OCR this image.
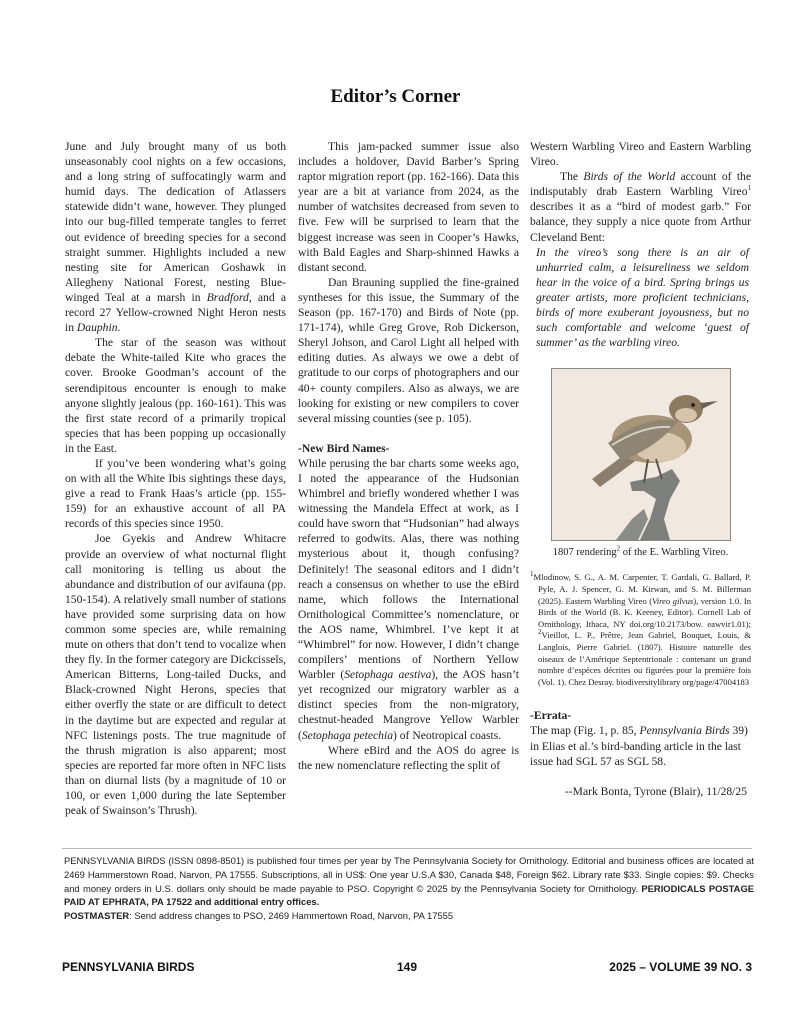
Editor’s Corner

June and July brought many of us both unseasonably cool nights on a few occasions, and a long string of suffocatingly warm and humid days. The dedication of Atlassers statewide didn’t wane, however. They plunged into our bug-filled temperate tangles to ferret out evidence of breeding species for a second straight summer. Highlights included a new nesting site for American Goshawk in Allegheny National Forest, nesting Blue-winged Teal at a marsh in Bradford, and a record 27 Yellow-crowned Night Heron nests in Dauphin.

The star of the season was without debate the White-tailed Kite who graces the cover. Brooke Goodman’s account of the serendipitous encounter is enough to make anyone slightly jealous (pp. 160-161). This was the first state record of a primarily tropical species that has been popping up occasionally in the East.

If you’ve been wondering what’s going on with all the White Ibis sightings these days, give a read to Frank Haas’s article (pp. 155-159) for an exhaustive account of all PA records of this species since 1950.

Joe Gyekis and Andrew Whitacre provide an overview of what nocturnal flight call monitoring is telling us about the abundance and distribution of our avifauna (pp. 150-154). A relatively small number of stations have provided some surprising data on how common some species are, while remaining mute on others that don’t tend to vocalize when they fly. In the former category are Dickcissels, American Bitterns, Long-tailed Ducks, and Black-crowned Night Herons, species that either overfly the state or are difficult to detect in the daytime but are expected and regular at NFC listenings posts. The true magnitude of the thrush migration is also apparent; most species are reported far more often in NFC lists than on diurnal lists (by a magnitude of 10 or 100, or even 1,000 during the late September peak of Swainson’s Thrush).

This jam-packed summer issue also includes a holdover, David Barber’s Spring raptor migration report (pp. 162-166). Data this year are a bit at variance from 2024, as the number of watchsites decreased from seven to five. Few will be surprised to learn that the biggest increase was seen in Cooper’s Hawks, with Bald Eagles and Sharp-shinned Hawks a distant second.

Dan Brauning supplied the fine-grained syntheses for this issue, the Summary of the Season (pp. 167-170) and Birds of Note (pp. 171-174), while Greg Grove, Rob Dickerson, Sheryl Johson, and Carol Light all helped with editing duties. As always we owe a debt of gratitude to our corps of photographers and our 40+ county compilers. Also as always, we are looking for existing or new compilers to cover several missing counties (see p. 105).

-New Bird Names-

While perusing the bar charts some weeks ago, I noted the appearance of the Hudsonian Whimbrel and briefly wondered whether I was witnessing the Mandela Effect at work, as I could have sworn that “Hudsonian” had always referred to godwits. Alas, there was nothing mysterious about it, though confusing? Definitely! The seasonal editors and I didn’t reach a consensus on whether to use the eBird name, which follows the International Ornithological Committee’s nomenclature, or the AOS name, Whimbrel. I’ve kept it at “Whimbrel” for now. However, I didn’t change compilers’ mentions of Northern Yellow Warbler (Setophaga aestiva), the AOS hasn’t yet recognized our migratory warbler as a distinct species from the non-migratory, chestnut-headed Mangrove Yellow Warbler (Setophaga petechia) of Neotropical coasts.

Where eBird and the AOS do agree is the new nomenclature reflecting the split of

Western Warbling Vireo and Eastern Warbling Vireo.

The Birds of the World account of the indisputably drab Eastern Warbling Vireo$^1$ describes it as a “bird of modest garb.” For balance, they supply a nice quote from Arthur Cleveland Bent:

In the vireo’s song there is an air of unhurried calm, a leisureliness we seldom hear in the voice of a bird. Spring brings us greater artists, more proficient technicians, birds of more exuberant joyousness, but no such comfortable and welcome ‘guest of summer’ as the warbling vireo.

1807 rendering$^2$ of the E. Warbling Vireo.

$^1$Mlodinow, S. G., A. M. Carpenter, T. Gardali, G. Ballard, P. Pyle, A. J. Spencer, G. M. Kirwan, and S. M. Billerman (2025). Eastern Warbling Vireo (Vireo gilvus), version 1.0. In Birds of the World (B. K. Keeney, Editor). Cornell Lab of Ornithology, Ithaca, NY doi.org/10.2173/bow. eawvir1.01); $^2$Vieillot, L. P., Prêtre, Jean Gabriel, Bouquet, Louis, & Langlois, Pierre Gabriel. (1807). Histoire naturelle des oiseaux de l’Amérique Septentrionale : contenant un grand nombre d’espèces décrites ou figurées pour la première fois (Vol. 1). Chez Desray. biodiversitylibrary org/page/47004183

-Errata-

The map (Fig. 1, p. 85, Pennsylvania Birds 39) in Elias et al.’s bird-banding article in the last issue had SGL 57 as SGL 58.

--Mark Bonta, Tyrone (Blair), 11/28/25

PENNSYLVANIA BIRDS (ISSN 0898-8501) is published four times per year by The Pennsylvania Society for Ornithology. Editorial and business offices are located at 2469 Hammerstown Road, Narvon, PA 17555. Subscriptions, all in US$: One year U.S.A $30, Canada $48, Foreign $62. Library rate $33. Single copies: $9. Checks and money orders in U.S. dollars only should be made payable to PSO. Copyright © 2025 by the Pennsylvania Society for Ornithology. PERIODICALS POSTAGE PAID AT EPHRATA, PA 17522 and additional entry offices.
POSTMASTER: Send address changes to PSO, 2469 Hammertown Road, Narvon, PA 17555
PENNSYLVANIA BIRDS	149	2025 – VOLUME 39 NO. 3
